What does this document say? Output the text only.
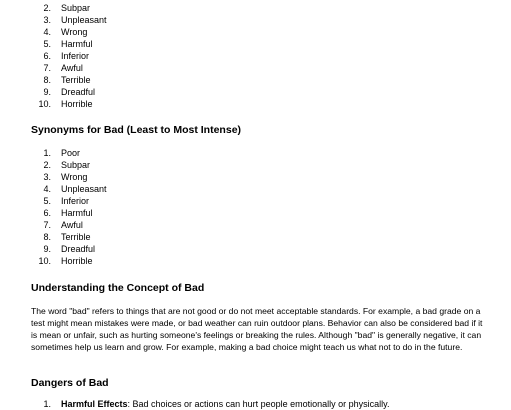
2. Subpar
3. Unpleasant
4. Wrong
5. Harmful
6. Inferior
7. Awful
8. Terrible
9. Dreadful
10. Horrible
Synonyms for Bad (Least to Most Intense)
1. Poor
2. Subpar
3. Wrong
4. Unpleasant
5. Inferior
6. Harmful
7. Awful
8. Terrible
9. Dreadful
10. Horrible
Understanding the Concept of Bad

The word "bad" refers to things that are not good or do not meet acceptable standards. For example, a bad grade on a test might mean mistakes were made, or bad weather can ruin outdoor plans. Behavior can also be considered bad if it is mean or unfair, such as hurting someone's feelings or breaking the rules. Although "bad" is generally negative, it can sometimes help us learn and grow. For example, making a bad choice might teach us what not to do in the future.

Dangers of Bad
1. Harmful Effects: Bad choices or actions can hurt people emotionally or physically.
